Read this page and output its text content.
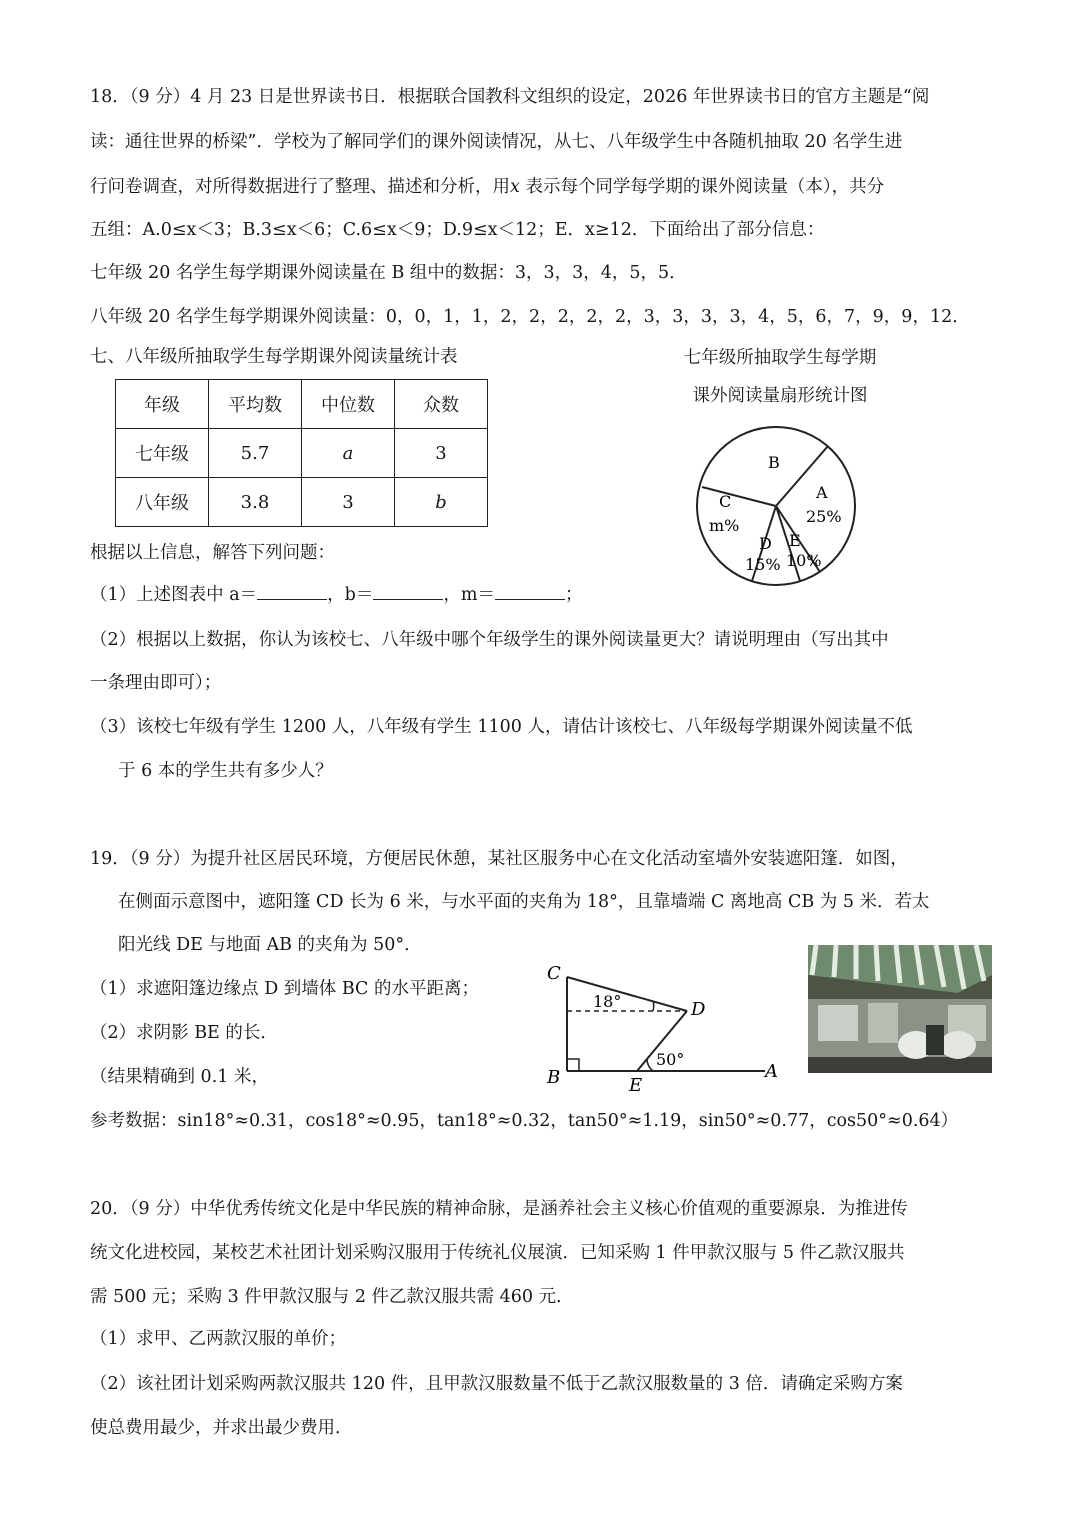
18．（9 分）4 月 23 日是世界读书日．根据联合国教科文组织的设定，2026 年世界读书日的官方主题是“阅
读：通往世界的桥梁”．学校为了解同学们的课外阅读情况，从七、八年级学生中各随机抽取 20 名学生进
行问卷调查，对所得数据进行了整理、描述和分析，用x 表示每个同学每学期的课外阅读量（本），共分
五组：A.0≤x＜3；B.3≤x＜6；C.6≤x＜9；D.9≤x＜12；E．x≥12．下面给出了部分信息：
七年级 20 名学生每学期课外阅读量在 B 组中的数据：3，3，3，4，5，5．
八年级 20 名学生每学期课外阅读量：0，0，1，1，2，2，2，2，2，3，3，3，3，4，5，6，7，9，9，12．
七、八年级所抽取学生每学期课外阅读量统计表
年级	平均数	中位数	众数
七年级	5.7	a	3
八年级	3.8	3	b
七年级所抽取学生每学期
课外阅读量扇形统计图
B
A
25%
C
m%
D
15%
E
10%
根据以上信息，解答下列问题：
（1）上述图表中 a＝	，b＝	，m＝	；
（2）根据以上数据，你认为该校七、八年级中哪个年级学生的课外阅读量更大？请说明理由（写出其中
一条理由即可）；
（3）该校七年级有学生 1200 人，八年级有学生 1100 人，请估计该校七、八年级每学期课外阅读量不低
于 6 本的学生共有多少人？
19．（9 分）为提升社区居民环境，方便居民休憩，某社区服务中心在文化活动室墙外安装遮阳篷．如图，
在侧面示意图中，遮阳篷 CD 长为 6 米，与水平面的夹角为 18°，且靠墙端 C 离地高 CB 为 5 米．若太
阳光线 DE 与地面 AB 的夹角为 50°．
（1）求遮阳篷边缘点 D 到墙体 BC 的水平距离；
（2）求阴影 BE 的长．
（结果精确到 0.1 米，
C
D
B	E
A
18°
50°
参考数据：sin18°≈0.31，cos18°≈0.95，tan18°≈0.32，tan50°≈1.19，sin50°≈0.77，cos50°≈0.64）
20．（9 分）中华优秀传统文化是中华民族的精神命脉，是涵养社会主义核心价值观的重要源泉．为推进传
统文化进校园，某校艺术社团计划采购汉服用于传统礼仪展演．已知采购 1 件甲款汉服与 5 件乙款汉服共
需 500 元；采购 3 件甲款汉服与 2 件乙款汉服共需 460 元．
（1）求甲、乙两款汉服的单价；
（2）该社团计划采购两款汉服共 120 件，且甲款汉服数量不低于乙款汉服数量的 3 倍．请确定采购方案
使总费用最少，并求出最少费用．
